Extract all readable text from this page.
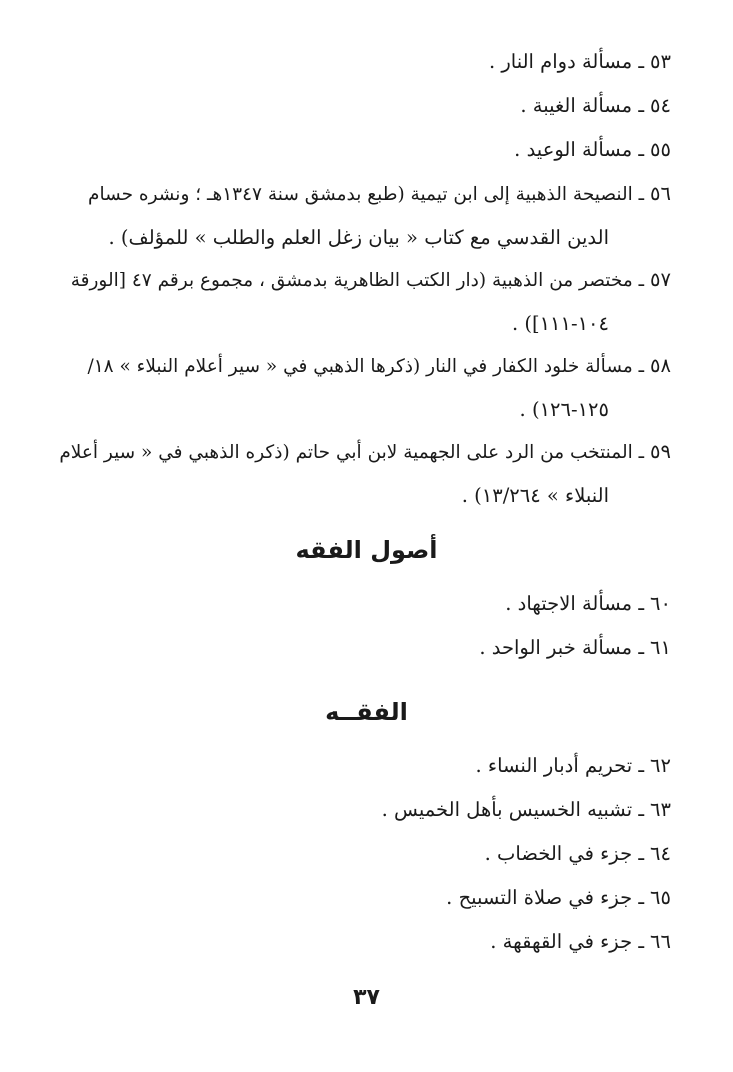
٥٣ـ مسألة دوام النار .
٥٤ـ مسألة الغيبة .
٥٥ـ مسألة الوعيد .
٥٦ـ النصيحة الذهبية إلى ابن تيمية (طبع بدمشق سنة ١٣٤٧هـ ؛ ونشره حسام
الدين القدسي مع كتاب « بيان زغل العلم والطلب » للمؤلف) .
٥٧ـ مختصر من الذهبية (دار الكتب الظاهرية بدمشق ، مجموع برقم ٤٧ [الورقة
١٠٤-١١١]) .
٥٨ـ مسألة خلود الكفار في النار (ذكرها الذهبي في « سير أعلام النبلاء » ١٨/
١٢٥-١٢٦) .
٥٩ـ المنتخب من الرد على الجهمية لابن أبي حاتم (ذكره الذهبي في « سير أعلام
النبلاء » ١٣/٢٦٤) .
أصول الفقه
٦٠ـ مسألة الاجتهاد .
٦١ـ مسألة خبر الواحد .
الفقــه
٦٢ـ تحريم أدبار النساء .
٦٣ـ تشبيه الخسيس بأهل الخميس .
٦٤ـ جزء في الخضاب .
٦٥ـ جزء في صلاة التسبيح .
٦٦ـ جزء في القهقهة .
٣٧
